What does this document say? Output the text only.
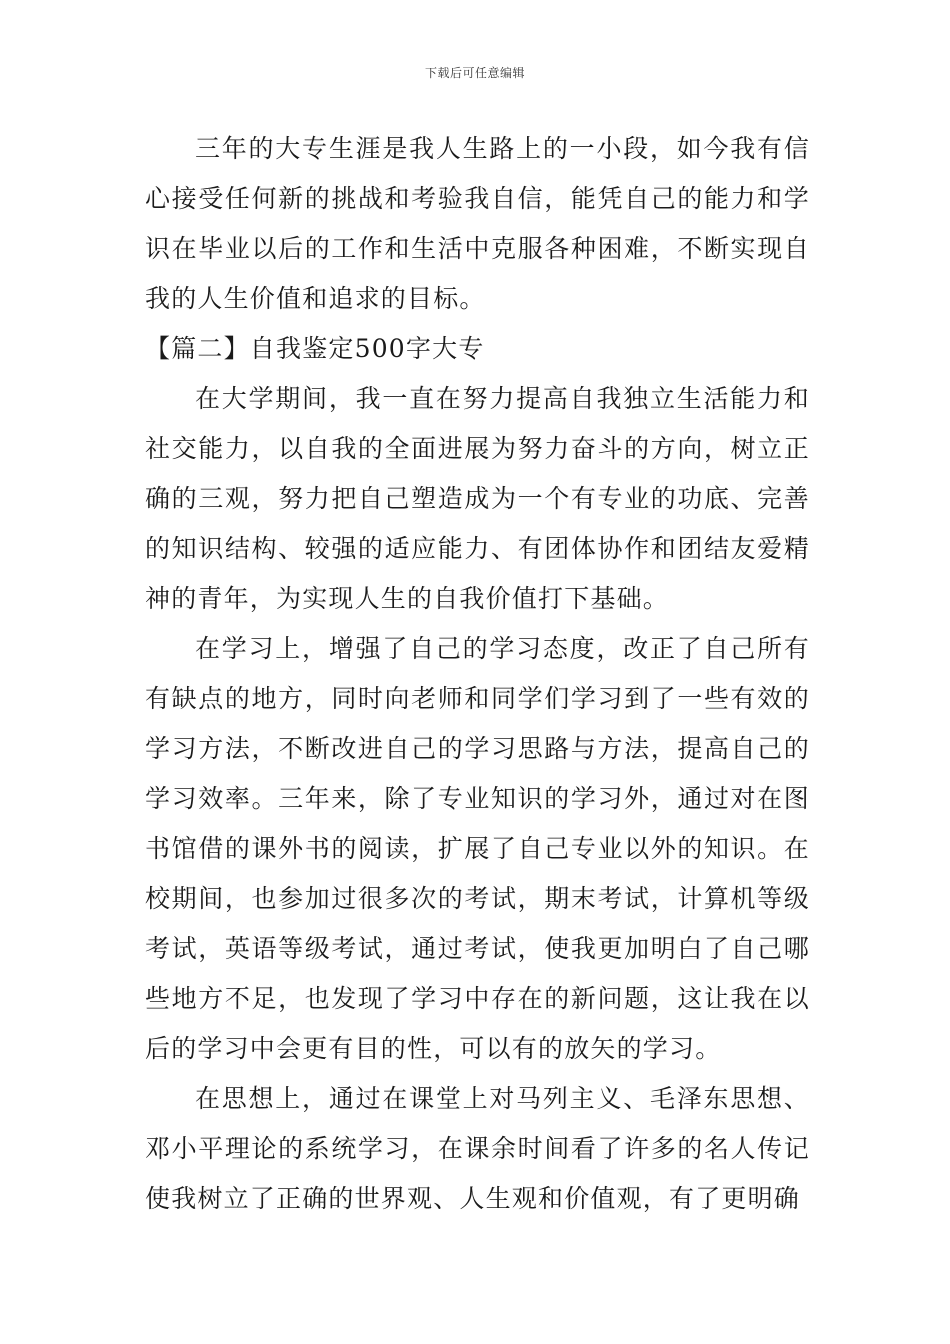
下载后可任意编辑

三年的大专生涯是我人生路上的一小段，如今我有信心接受任何新的挑战和考验我自信，能凭自己的能力和学识在毕业以后的工作和生活中克服各种困难，不断实现自我的人生价值和追求的目标。

【篇二】自我鉴定500字大专

在大学期间，我一直在努力提高自我独立生活能力和社交能力，以自我的全面进展为努力奋斗的方向，树立正确的三观，努力把自己塑造成为一个有专业的功底、完善的知识结构、较强的适应能力、有团体协作和团结友爱精神的青年，为实现人生的自我价值打下基础。

在学习上，增强了自己的学习态度，改正了自己所有有缺点的地方，同时向老师和同学们学习到了一些有效的学习方法，不断改进自己的学习思路与方法，提高自己的学习效率。三年来，除了专业知识的学习外，通过对在图书馆借的课外书的阅读，扩展了自己专业以外的知识。在校期间，也参加过很多次的考试，期末考试，计算机等级考试，英语等级考试，通过考试，使我更加明白了自己哪些地方不足，也发现了学习中存在的新问题，这让我在以后的学习中会更有目的性，可以有的放矢的学习。

在思想上，通过在课堂上对马列主义、毛泽东思想、邓小平理论的系统学习，在课余时间看了许多的名人传记使我树立了正确的世界观、人生观和价值观，有了更明确
